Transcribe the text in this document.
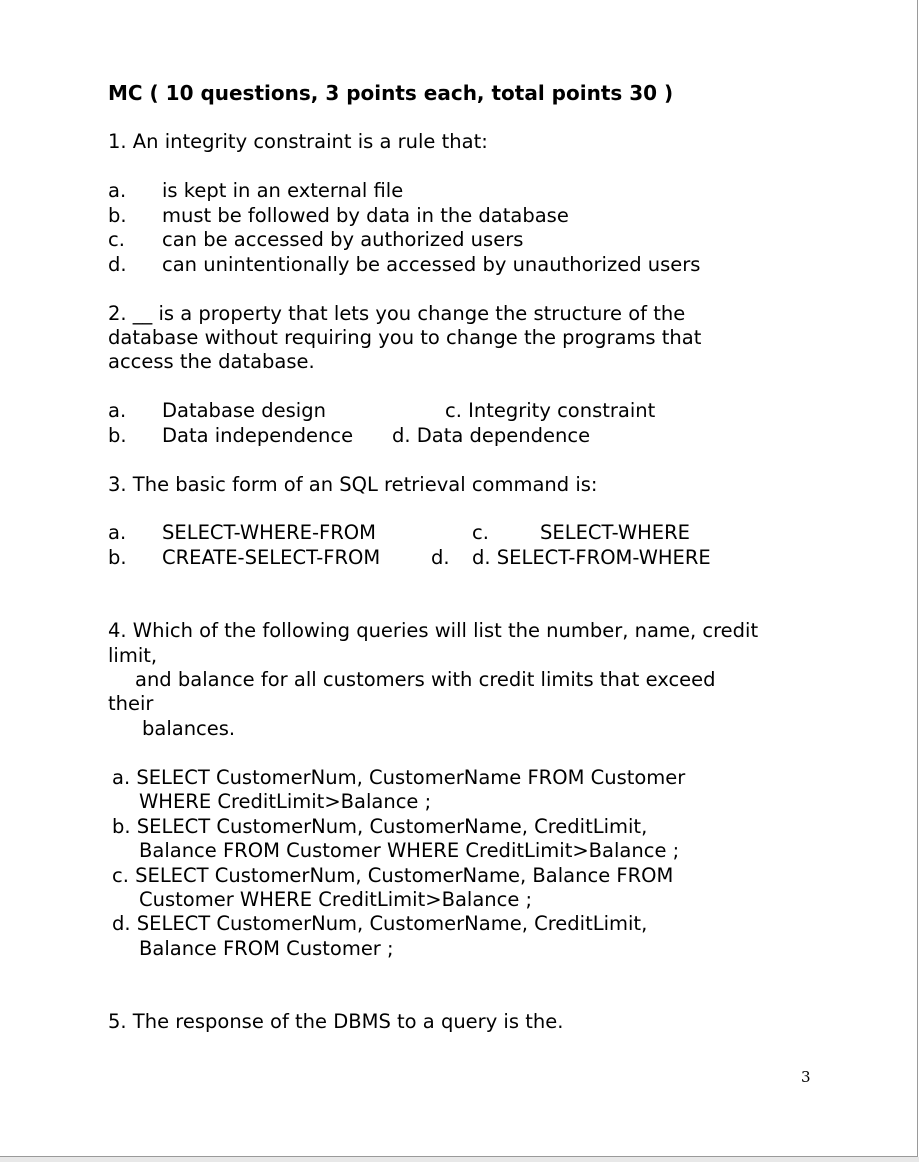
MC ( 10 questions, 3 points each, total points 30 )
1. An integrity constraint is a rule that:
a. is kept in an external file
b. must be followed by data in the database
c. can be accessed by authorized users
d. can unintentionally be accessed by unauthorized users
2. __ is a property that lets you change the structure of the
database without requiring you to change the programs that
access the database.
a. Database design	c. Integrity constraint
b. Data independence d. Data dependence
3. The basic form of an SQL retrieval command is:
a. SELECT-WHERE-FROM	c.	SELECT-WHERE
b. CREATE-SELECT-FROM	d. d. SELECT-FROM-WHERE
4. Which of the following queries will list the number, name, credit
limit,
and balance for all customers with credit limits that exceed
their
balances.
a. SELECT CustomerNum, CustomerName FROM Customer
WHERE CreditLimit>Balance ;
b. SELECT CustomerNum, CustomerName, CreditLimit,
Balance FROM Customer WHERE CreditLimit>Balance ;
c. SELECT CustomerNum, CustomerName, Balance FROM
Customer WHERE CreditLimit>Balance ;
d. SELECT CustomerNum, CustomerName, CreditLimit,
Balance FROM Customer ;
5. The response of the DBMS to a query is the.
3
